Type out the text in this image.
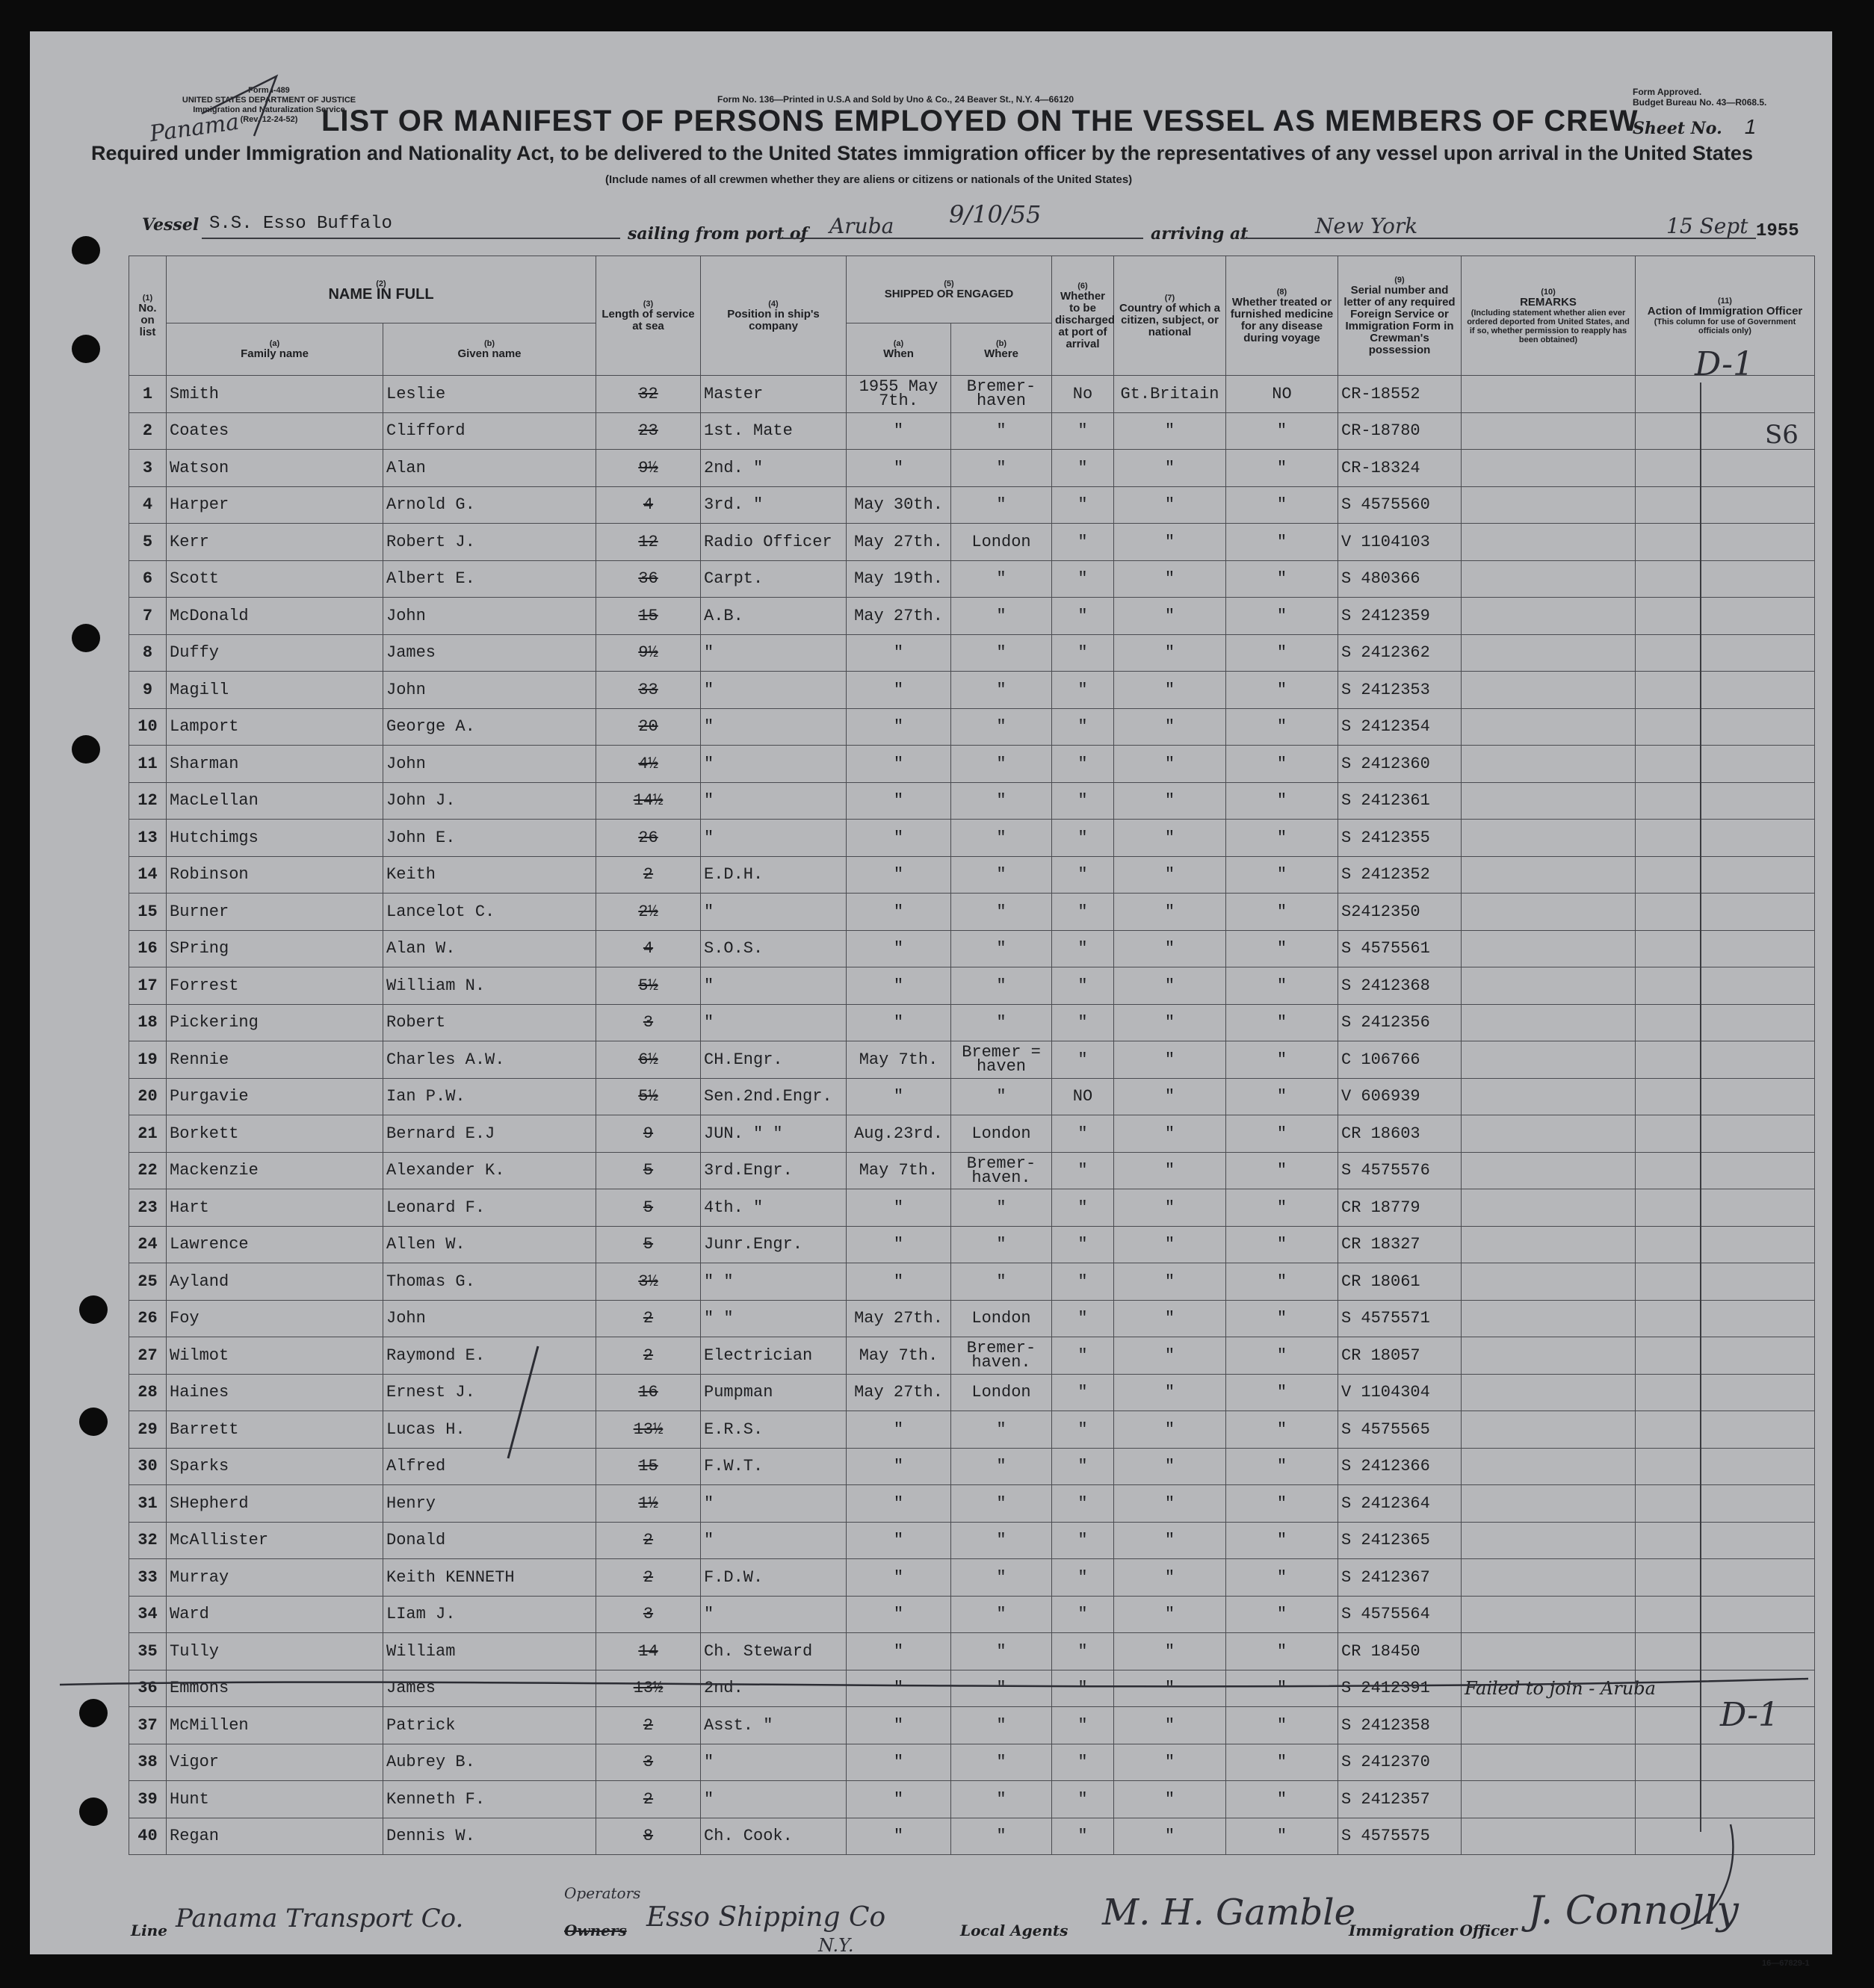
Form I-489
UNITED STATES DEPARTMENT OF JUSTICE
Immigration and Naturalization Service
(Rev. 12-24-52)
Panama
Form No. 136—Printed in U.S.A and Sold by Uno & Co., 24 Beaver St., N.Y. 4—66120
Form Approved.
Budget Bureau No. 43—R068.5.
LIST OR MANIFEST OF PERSONS EMPLOYED ON THE VESSEL AS MEMBERS OF CREW
Sheet No. 1
Required under Immigration and Nationality Act, to be delivered to the United States immigration officer by the representatives of any vessel upon arrival in the United States
(Include names of all crewmen whether they are aliens or citizens or nationals of the United States)
Vessel S.S. Esso Buffalo	sailing from port of Aruba 9/10/55
arriving at	New York	15 Sept 1955
(1)
No. on list	(2)
NAME IN FULL		(3)
Length of service at sea	(4)
Position in ship's company	(5)
SHIPPED OR ENGAGED		(6)
Whether to be discharged at port of arrival	(7)
Country of which a citizen, subject, or national	(8)
Whether treated or furnished medicine for any disease during voyage	(9)
Serial number and letter of any required Foreign Service or Immigration Form in Crewman's possession	(10)
REMARKS
(Including statement whether alien ever ordered deported from United States, and if so, whether permission to reapply has been obtained)	(11)
Action of Immigration Officer
(This column for use of Government officials only)

	(a)
Family name	(b)
Given name			(a)
When	(b)
Where						
1	Smith	Leslie	32	Master	1955 May 7th.	Bremer- haven	No	Gt.Britain	NO	CR-18552		
2	Coates	Clifford	23	1st. Mate	"	"	"	"	"	CR-18780		
3	Watson	Alan	9½	2nd. "	"	"	"	"	"	CR-18324		
4	Harper	Arnold G.	4	3rd. "	May 30th.	"	"	"	"	S 4575560		
5	Kerr	Robert J.	12	Radio Officer	May 27th.	London	"	"	"	V 1104103		
6	Scott	Albert E.	36	Carpt.	May 19th.	"	"	"	"	S 480366		
7	McDonald	John	15	A.B.	May 27th.	"	"	"	"	S 2412359		
8	Duffy	James	9½	"	"	"	"	"	"	S 2412362		
9	Magill	John	33	"	"	"	"	"	"	S 2412353		
10	Lamport	George A.	20	"	"	"	"	"	"	S 2412354		
11	Sharman	John	4½	"	"	"	"	"	"	S 2412360		
12	MacLellan	John J.	14½	"	"	"	"	"	"	S 2412361		
13	Hutchimgs	John E.	26	"	"	"	"	"	"	S 2412355		
14	Robinson	Keith	2	E.D.H.	"	"	"	"	"	S 2412352		
15	Burner	Lancelot C.	2½	"	"	"	"	"	"	S2412350		
16	SPring	Alan W.	4	S.O.S.	"	"	"	"	"	S 4575561		
17	Forrest	William N.	5½	"	"	"	"	"	"	S 2412368		
18	Pickering	Robert	3	"	"	"	"	"	"	S 2412356		
19	Rennie	Charles A.W.	6½	CH.Engr.	May 7th.	Bremer = haven	"	"	"	C 106766		
20	Purgavie	Ian P.W.	5½	Sen.2nd.Engr.	"	"	NO	"	"	V 606939		
21	Borkett	Bernard E.J	9	JUN. " "	Aug.23rd.	London	"	"	"	CR 18603		
22	Mackenzie	Alexander K.	5	3rd.Engr.	May 7th.	Bremer- haven.	"	"	"	S 4575576		
23	Hart	Leonard F.	5	4th. "	"	"	"	"	"	CR 18779		
24	Lawrence	Allen W.	5	Junr.Engr.	"	"	"	"	"	CR 18327		
25	Ayland	Thomas G.	3½	" "	"	"	"	"	"	CR 18061		
26	Foy	John	2	" "	May 27th.	London	"	"	"	S 4575571		
27	Wilmot	Raymond E.	2	Electrician	May 7th.	Bremer- haven.	"	"	"	CR 18057		
28	Haines	Ernest J.	16	Pumpman	May 27th.	London	"	"	"	V 1104304		
29	Barrett	Lucas H.	13½	E.R.S.	"	"	"	"	"	S 4575565		
30	Sparks	Alfred	15	F.W.T.	"	"	"	"	"	S 2412366		
31	SHepherd	Henry	1½	"	"	"	"	"	"	S 2412364		
32	McAllister	Donald	2	"	"	"	"	"	"	S 2412365		
33	Murray	Keith KENNETH	2	F.D.W.	"	"	"	"	"	S 2412367		
34	Ward	LIam J.	3	"	"	"	"	"	"	S 4575564		
35	Tully	William	14	Ch. Steward	"	"	"	"	"	CR 18450		
36	Emmons	James	13½	2nd.	"	"	"	"	"	S 2412391	Failed to join - Aruba	
37	McMillen	Patrick	2	Asst. "	"	"	"	"	"	S 2412358		
38	Vigor	Aubrey B.	3	"	"	"	"	"	"	S 2412370		
39	Hunt	Kenneth F.	2	"	"	"	"	"	"	S 2412357		
40	Regan	Dennis W.	8	Ch. Cook.	"	"	"	"	"	S 4575575		
D-1
D-1
S6
Line Panama Transport Co.
Operators
Owners Esso Shipping Co
N.Y.
Local Agents M. H. Gamble
Immigration Officer J. Connolly
16—67829-1
